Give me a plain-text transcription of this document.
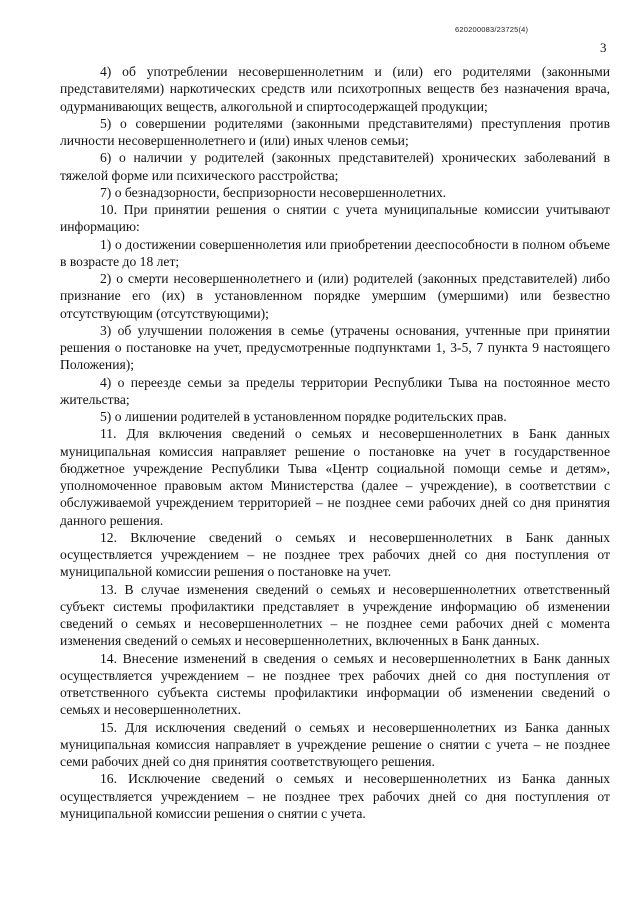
620200083/23725(4)
3

4) об употреблении несовершеннолетним и (или) его родителями (законными представителями) наркотических средств или психотропных веществ без назначения врача, одурманивающих веществ, алкогольной и спиртосодержащей продукции;

5) о совершении родителями (законными представителями) преступления против личности несовершеннолетнего и (или) иных членов семьи;

6) о наличии у родителей (законных представителей) хронических заболеваний в тяжелой форме или психического расстройства;

7) о безнадзорности, беспризорности несовершеннолетних.

10. При принятии решения о снятии с учета муниципальные комиссии учитывают информацию:

1) о достижении совершеннолетия или приобретении дееспособности в полном объеме в возрасте до 18 лет;

2) о смерти несовершеннолетнего и (или) родителей (законных представителей) либо признание его (их) в установленном порядке умершим (умершими) или безвестно отсутствующим (отсутствующими);

3) об улучшении положения в семье (утрачены основания, учтенные при принятии решения о постановке на учет, предусмотренные подпунктами 1, 3-5, 7 пункта 9 настоящего Положения);

4) о переезде семьи за пределы территории Республики Тыва на постоянное место жительства;

5) о лишении родителей в установленном порядке родительских прав.

11. Для включения сведений о семьях и несовершеннолетних в Банк данных муниципальная комиссия направляет решение о постановке на учет в государственное бюджетное учреждение Республики Тыва «Центр социальной помощи семье и детям», уполномоченное правовым актом Министерства (далее – учреждение), в соответствии с обслуживаемой учреждением территорией – не позднее семи рабочих дней со дня принятия данного решения.

12. Включение сведений о семьях и несовершеннолетних в Банк данных осуществляется учреждением – не позднее трех рабочих дней со дня поступления от муниципальной комиссии решения о постановке на учет.

13. В случае изменения сведений о семьях и несовершеннолетних ответственный субъект системы профилактики представляет в учреждение информацию об изменении сведений о семьях и несовершеннолетних – не позднее семи рабочих дней с момента изменения сведений о семьях и несовершеннолетних, включенных в Банк данных.

14. Внесение изменений в сведения о семьях и несовершеннолетних в Банк данных осуществляется учреждением – не позднее трех рабочих дней со дня поступления от ответственного субъекта системы профилактики информации об изменении сведений о семьях и несовершеннолетних.

15. Для исключения сведений о семьях и несовершеннолетних из Банка данных муниципальная комиссия направляет в учреждение решение о снятии с учета – не позднее семи рабочих дней со дня принятия соответствующего решения.

16. Исключение сведений о семьях и несовершеннолетних из Банка данных осуществляется учреждением – не позднее трех рабочих дней со дня поступления от муниципальной комиссии решения о снятии с учета.
